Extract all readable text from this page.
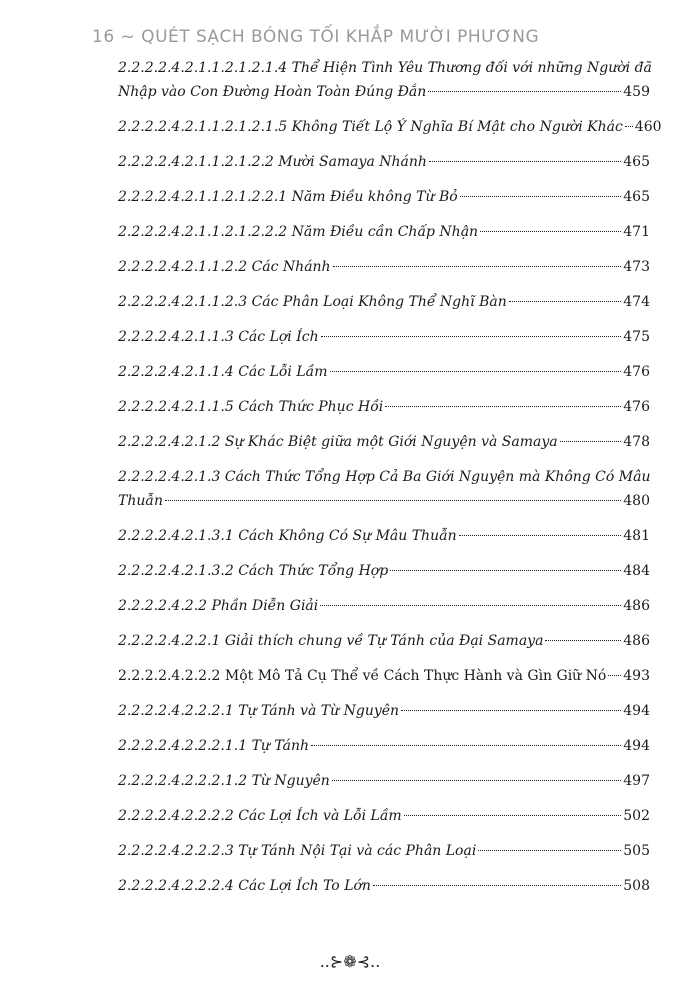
16 ~ QUÉT SẠCH BÓNG TỐI KHẮP MƯỜI PHƯƠNG
2.2.2.2.4.2.1.1.2.1.2.1.4 Thể Hiện Tình Yêu Thương đối với những Người đã
Nhập vào Con Đường Hoàn Toàn Đúng Đắn	459
2.2.2.2.4.2.1.1.2.1.2.1.5 Không Tiết Lộ Ý Nghĩa Bí Mật cho Người Khác 460
2.2.2.2.4.2.1.1.2.1.2.2 Mười Samaya Nhánh	465
2.2.2.2.4.2.1.1.2.1.2.2.1 Năm Điều không Từ Bỏ	465
2.2.2.2.4.2.1.1.2.1.2.2.2 Năm Điều cần Chấp Nhận	471
2.2.2.2.4.2.1.1.2.2 Các Nhánh	473
2.2.2.2.4.2.1.1.2.3 Các Phân Loại Không Thể Nghĩ Bàn	474
2.2.2.2.4.2.1.1.3 Các Lợi Ích	475
2.2.2.2.4.2.1.1.4 Các Lỗi Lầm	476
2.2.2.2.4.2.1.1.5 Cách Thức Phục Hồi	476
2.2.2.2.4.2.1.2 Sự Khác Biệt giữa một Giới Nguyện và Samaya	478
2.2.2.2.4.2.1.3 Cách Thức Tổng Hợp Cả Ba Giới Nguyện mà Không Có Mâu
Thuẫn	480
2.2.2.2.4.2.1.3.1 Cách Không Có Sự Mâu Thuẫn	481
2.2.2.2.4.2.1.3.2 Cách Thức Tổng Hợp	484
2.2.2.2.4.2.2 Phần Diễn Giải	486
2.2.2.2.4.2.2.1 Giải thích chung về Tự Tánh của Đại Samaya	486
2.2.2.2.4.2.2.2 Một Mô Tả Cụ Thể về Cách Thực Hành và Gìn Giữ Nó 493
2.2.2.2.4.2.2.2.1 Tự Tánh và Từ Nguyên	494
2.2.2.2.4.2.2.2.1.1 Tự Tánh	494
2.2.2.2.4.2.2.2.1.2 Từ Nguyên	497
2.2.2.2.4.2.2.2.2 Các Lợi Ích và Lỗi Lầm	502
2.2.2.2.4.2.2.2.3 Tự Tánh Nội Tại và các Phân Loại	505
2.2.2.2.4.2.2.2.4 Các Lợi Ích To Lớn	508
..⊱❁⊰..
